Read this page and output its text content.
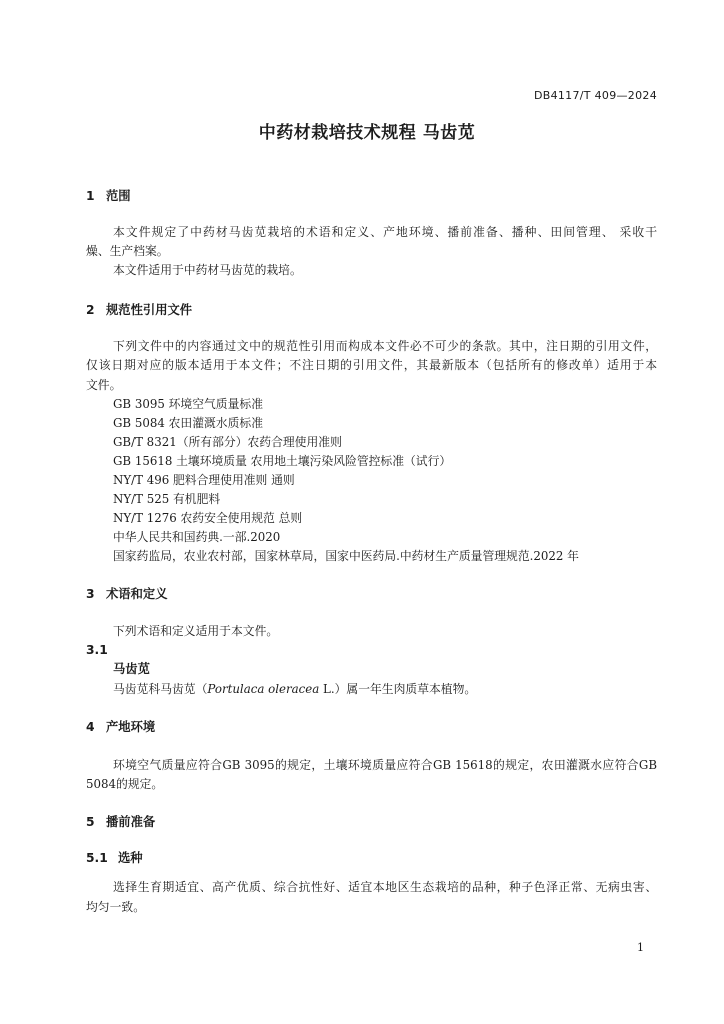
DB4117/T 409—2024
中药材栽培技术规程 马齿苋
1 范围
本文件规定了中药材马齿苋栽培的术语和定义、产地环境、播前准备、播种、田间管理、 采收干
燥、生产档案。
本文件适用于中药材马齿苋的栽培。
2 规范性引用文件
下列文件中的内容通过文中的规范性引用而构成本文件必不可少的条款。其中，注日期的引用文件，
仅该日期对应的版本适用于本文件；不注日期的引用文件，其最新版本（包括所有的修改单）适用于本
文件。
GB 3095 环境空气质量标准
GB 5084 农田灌溉水质标准
GB/T 8321（所有部分）农药合理使用准则
GB 15618 土壤环境质量 农用地土壤污染风险管控标准（试行）
NY/T 496 肥料合理使用准则 通则
NY/T 525 有机肥料
NY/T 1276 农药安全使用规范 总则
中华人民共和国药典.一部.2020
国家药监局，农业农村部，国家林草局，国家中医药局.中药材生产质量管理规范.2022 年
3 术语和定义
下列术语和定义适用于本文件。
3.1
马齿苋
马齿苋科马齿苋（Portulaca oleracea L.）属一年生肉质草本植物。
4 产地环境
环境空气质量应符合GB 3095的规定，土壤环境质量应符合GB 15618的规定，农田灌溉水应符合GB
5084的规定。
5 播前准备
5.1 选种
选择生育期适宜、高产优质、综合抗性好、适宜本地区生态栽培的品种，种子色泽正常、无病虫害、
均匀一致。
1
